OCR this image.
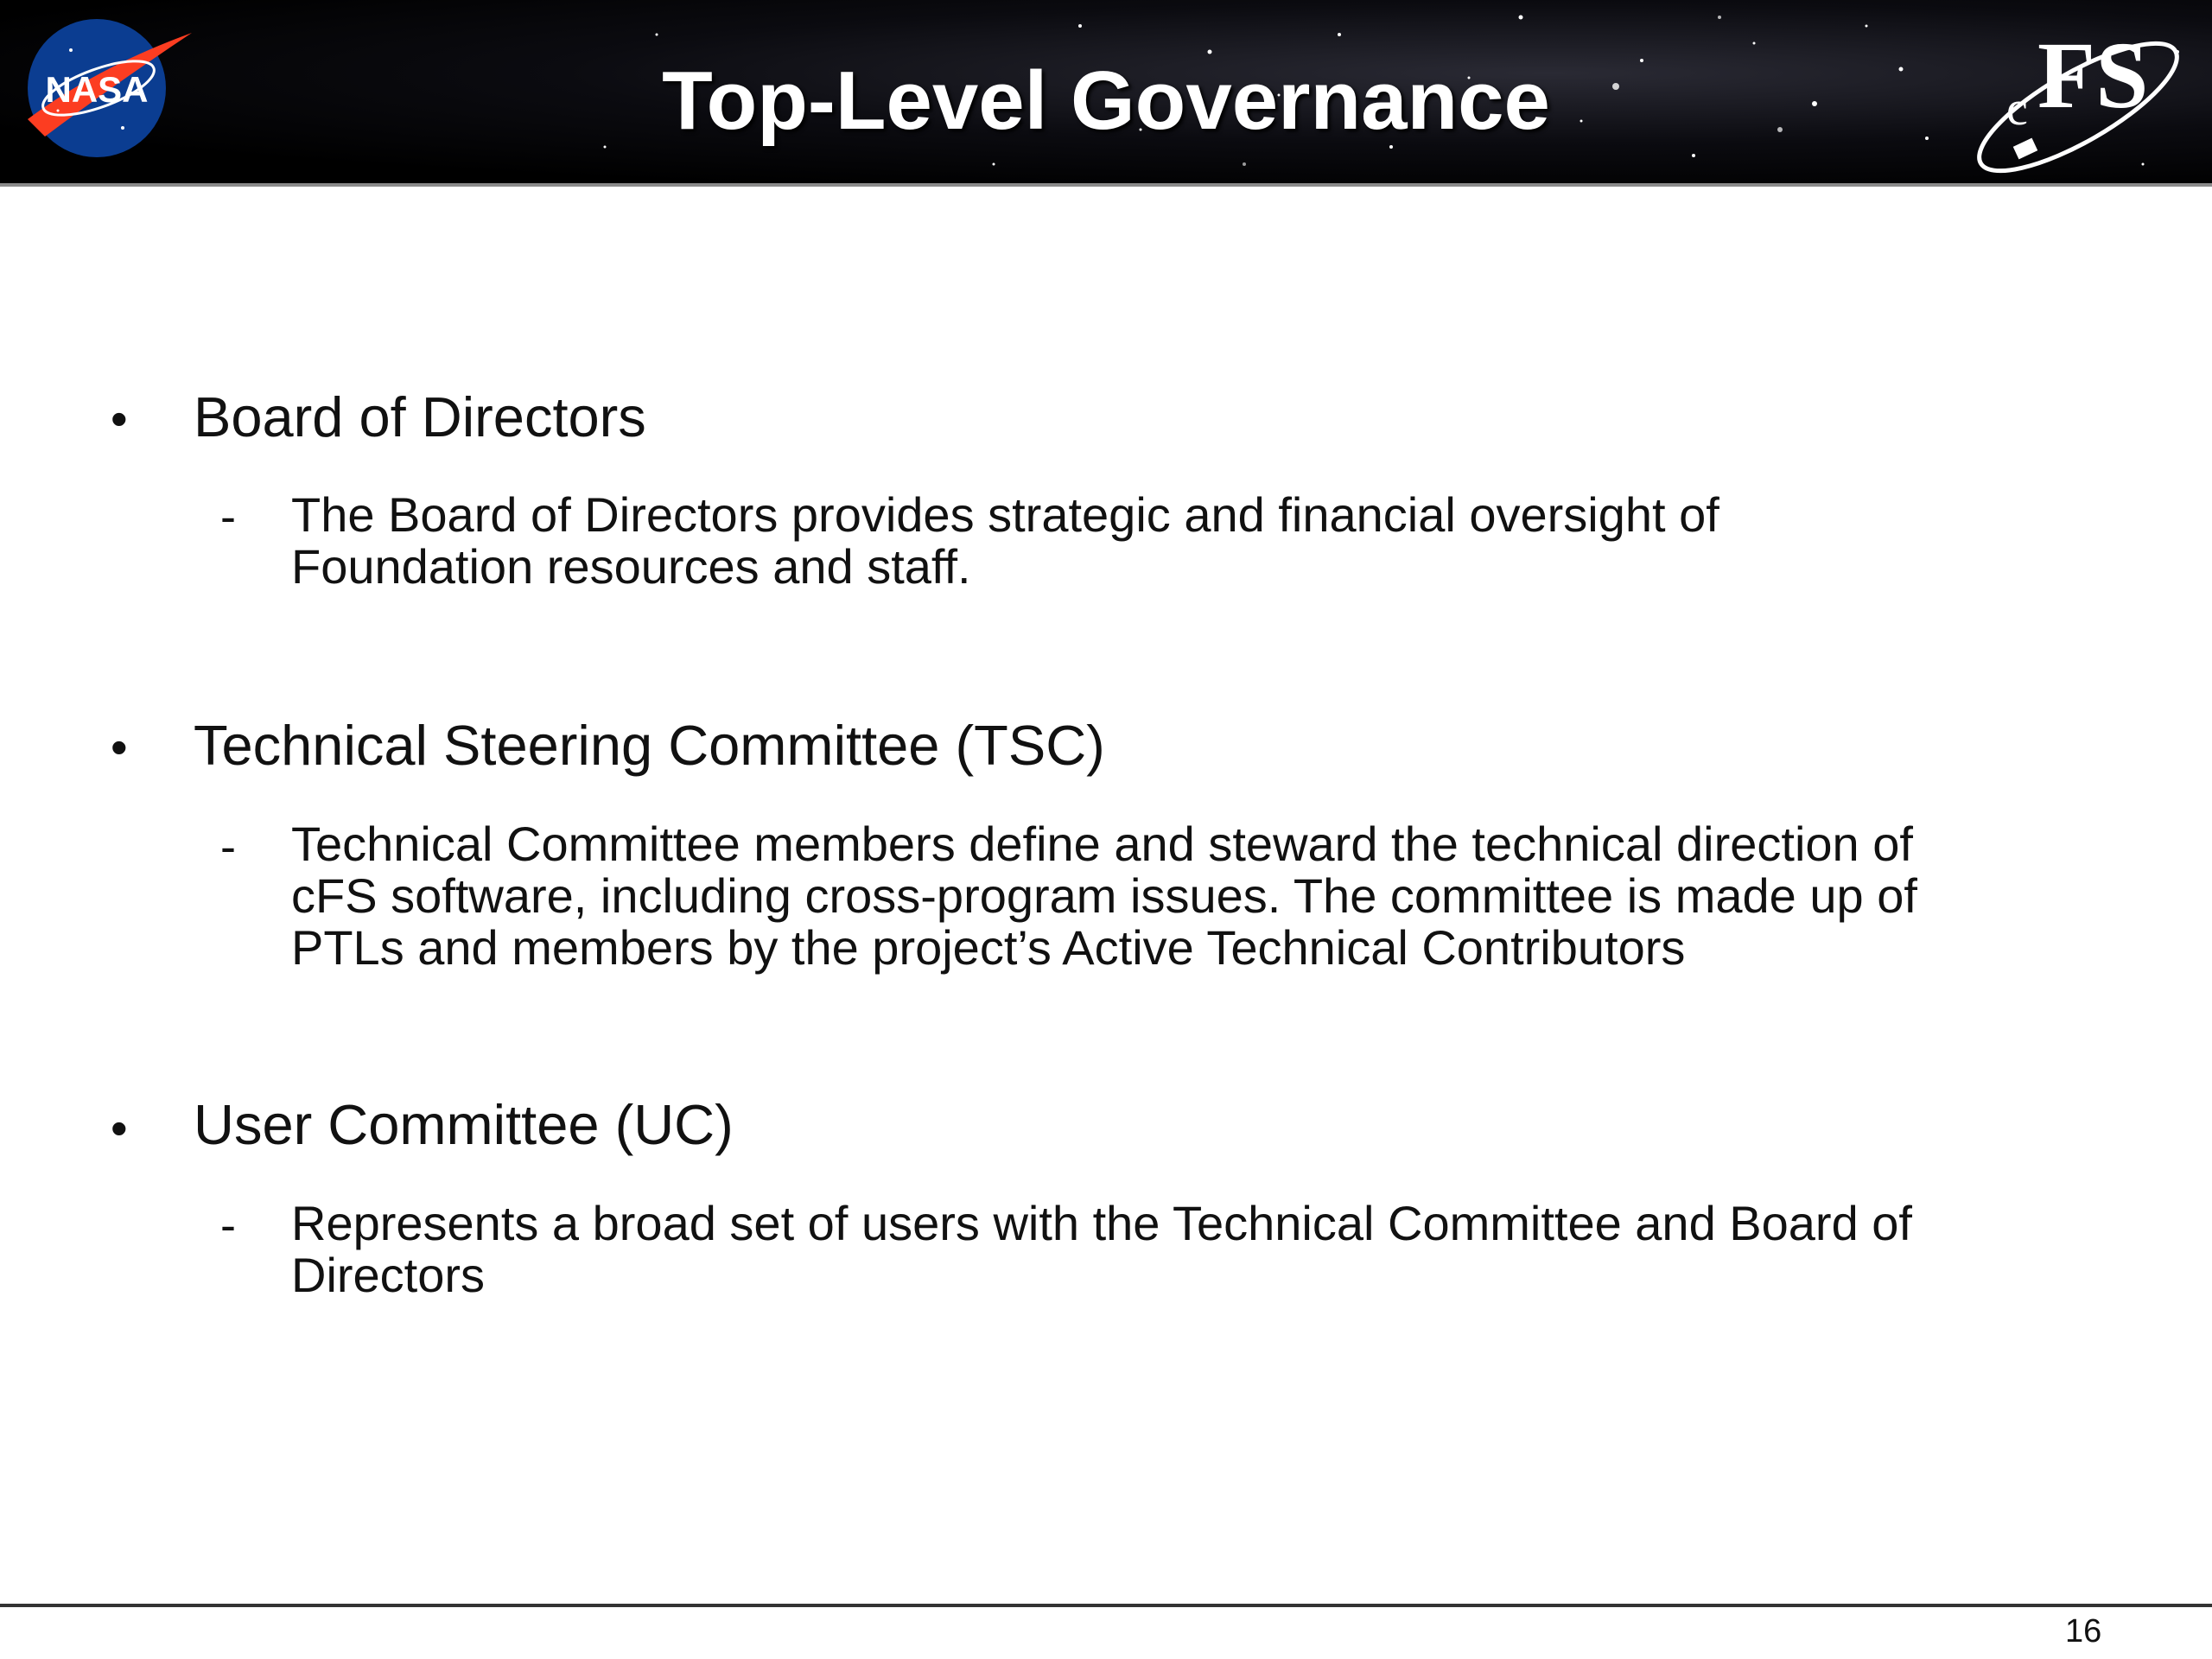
NASA	Top-Level Governance	c FS
• Board of Directors
- The Board of Directors provides strategic and financial oversight of
Foundation resources and staff.
• Technical Steering Committee (TSC)
- Technical Committee members define and steward the technical direction of
cFS software, including cross-program issues. The committee is made up of
PTLs and members by the project’s Active Technical Contributors
• User Committee (UC)
- Represents a broad set of users with the Technical Committee and Board of
Directors
16
